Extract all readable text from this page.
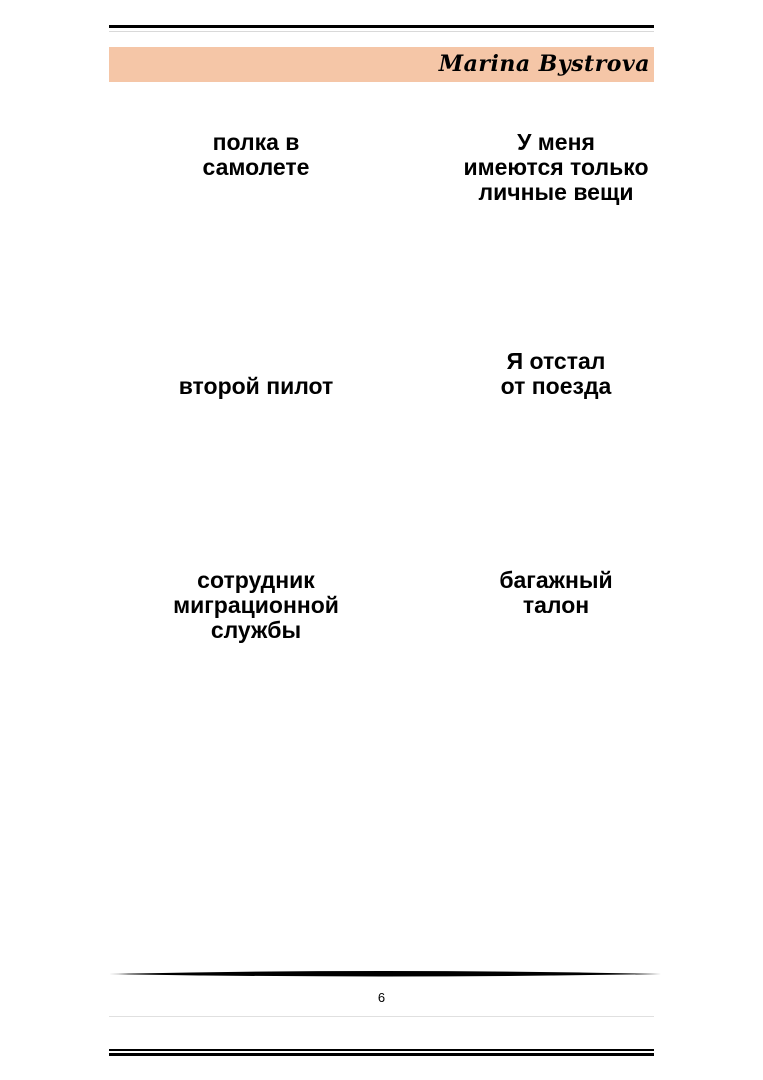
Marina Bystrova
полка в
самолете
У меня
имеются только
личные вещи
второй пилот
Я отстал
от поезда
сотрудник
миграционной
службы
багажный
талон
6
